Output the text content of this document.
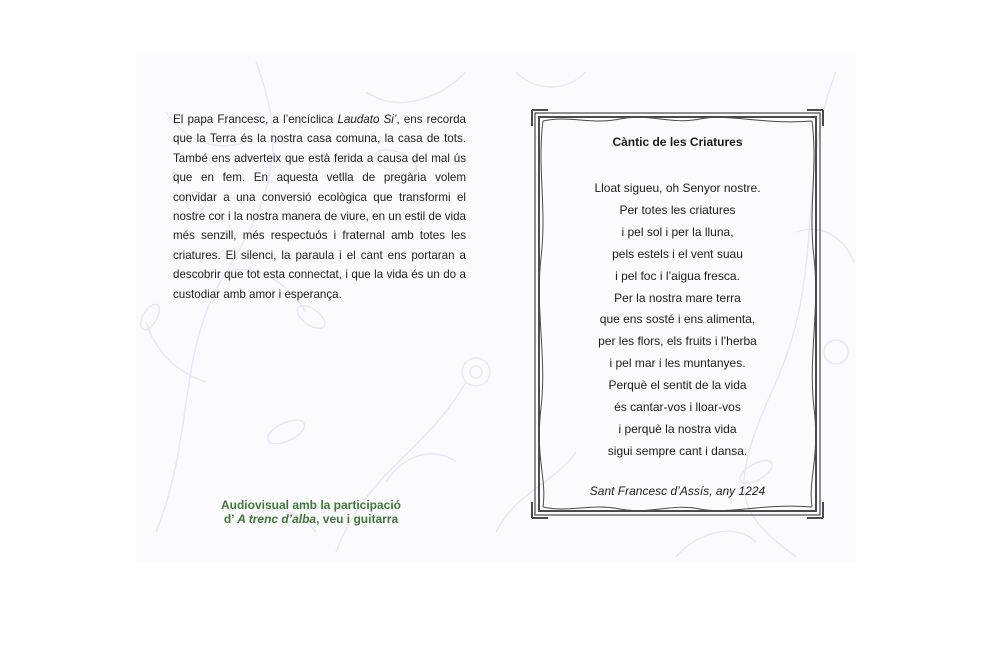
El papa Francesc, a l’encíclica Laudato Si’, ens recorda que la Terra és la nostra casa comuna, la casa de tots. També ens adverteix que està ferida a causa del mal ús que en fem. En aquesta vetlla de pregària volem convidar a una conversió ecològica que transformi el nostre cor i la nostra manera de viure, en un estil de vida més senzill, més respectuós i fraternal amb totes les criatures. El silenci, la paraula i el cant ens portaran a descobrir que tot esta connectat, i que la vida és un do a custodiar amb amor i esperança.

Audiovisual amb la participació
d’ A trenc d’alba, veu i guitarra
Càntic de les Criatures
Lloat sigueu, oh Senyor nostre.
Per totes les criatures
i pel sol i per la lluna,
pels estels i el vent suau
i pel foc i l’aigua fresca.
Per la nostra mare terra
que ens sosté i ens alimenta,
per les flors, els fruits i l’herba
i pel mar i les muntanyes.
Perquè el sentit de la vida
és cantar-vos i lloar-vos
i perquè la nostra vida
sigui sempre cant i dansa.
Sant Francesc d’Assís, any 1224
